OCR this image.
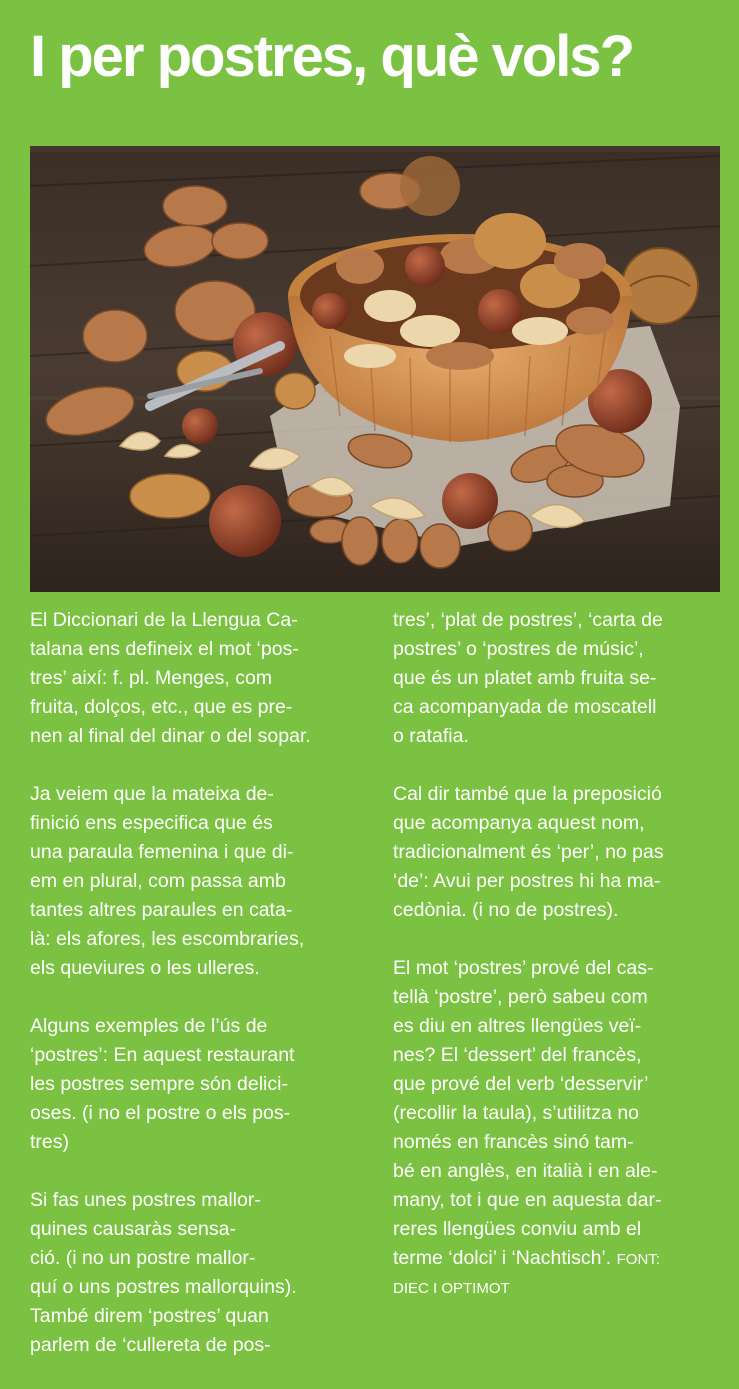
I per postres, què vols?

El Diccionari de la Llengua Ca-

talana ens defineix el mot ‘pos-

tres’ així: f. pl. Menges, com

fruita, dolços, etc., que es pre-

nen al final del dinar o del sopar.

Ja veiem que la mateixa de-

finició ens especifica que és

una paraula femenina i que di-

em en plural, com passa amb

tantes altres paraules en cata-

là: els afores, les escombraries,

els queviures o les ulleres.

Alguns exemples de l’ús de

‘postres’: En aquest restaurant

les postres sempre són delici-

oses. (i no el postre o els pos-

tres)

Si fas unes postres mallor-

quines causaràs sensa-

ció. (i no un postre mallor-

quí o uns postres mallorquins).

També direm ‘postres’ quan

parlem de ‘cullereta de pos-

tres’, ‘plat de postres’, ‘carta de

postres’ o ‘postres de músic’,

que és un platet amb fruita se-

ca acompanyada de moscatell

o ratafia.

Cal dir també que la preposició

que acompanya aquest nom,

tradicionalment és ‘per’, no pas

‘de’: Avui per postres hi ha ma-

cedònia. (i no de postres).

El mot ‘postres’ prové del cas-

tellà ‘postre’, però sabeu com

es diu en altres llengües veï-

nes? El ‘dessert’ del francès,

que prové del verb ‘desservir’

(recollir la taula), s’utilitza no

només en francès sinó tam-

bé en anglès, en italià i en ale-

many, tot i que en aquesta dar-

reres llengües conviu amb el

terme ‘dolci’ i ‘Nachtisch’. FONT:

DIEC I OPTIMOT
